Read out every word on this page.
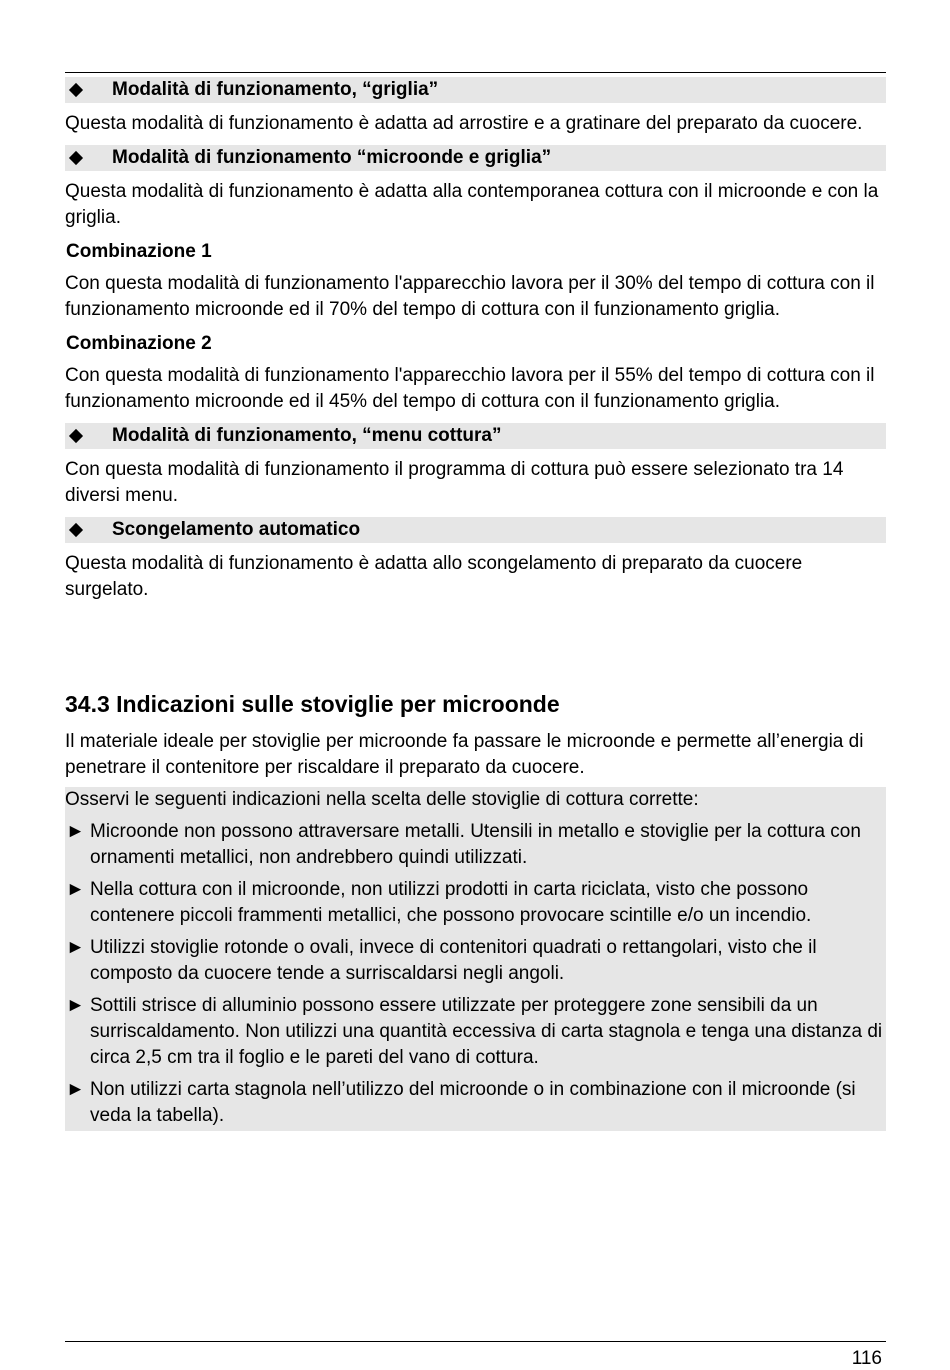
Modalità di funzionamento, “griglia”

Questa modalità di funzionamento è adatta ad arrostire e a gratinare del preparato da cuocere.

Modalità di funzionamento “microonde e griglia”

Questa modalità di funzionamento è adatta alla contemporanea cottura con il microonde e con la griglia.

Combinazione 1

Con questa modalità di funzionamento l'apparecchio lavora per il 30% del tempo di cottura con il funzionamento microonde ed il 70% del tempo di cottura con il funzionamento griglia.

Combinazione 2

Con questa modalità di funzionamento l'apparecchio lavora per il 55% del tempo di cottura con il funzionamento microonde ed il 45% del tempo di cottura con il funzionamento griglia.

Modalità di funzionamento, “menu cottura”

Con questa modalità di funzionamento il programma di cottura può essere selezionato tra 14 diversi menu.

Scongelamento automatico

Questa modalità di funzionamento è adatta allo scongelamento di preparato da cuocere surgelato.

34.3 Indicazioni sulle stoviglie per microonde

Il materiale ideale per stoviglie per microonde fa passare le microonde e permette all’energia di penetrare il contenitore per riscaldare il preparato da cuocere.

Osservi le seguenti indicazioni nella scelta delle stoviglie di cottura corrette:

► Microonde non possono attraversare metalli. Utensili in metallo e stoviglie per la cottura con ornamenti metallici, non andrebbero quindi utilizzati.
► Nella cottura con il microonde, non utilizzi prodotti in carta riciclata, visto che possono contenere piccoli frammenti metallici, che possono provocare scintille e/o un incendio.
► Utilizzi stoviglie rotonde o ovali, invece di contenitori quadrati o rettangolari, visto che il composto da cuocere tende a surriscaldarsi negli angoli.
► Sottili strisce di alluminio possono essere utilizzate per proteggere zone sensibili da un surriscaldamento. Non utilizzi una quantità eccessiva di carta stagnola e tenga una distanza di circa 2,5 cm tra il foglio e le pareti del vano di cottura.
► Non utilizzi carta stagnola nell’utilizzo del microonde o in combinazione con il microonde (si veda la tabella).
116
